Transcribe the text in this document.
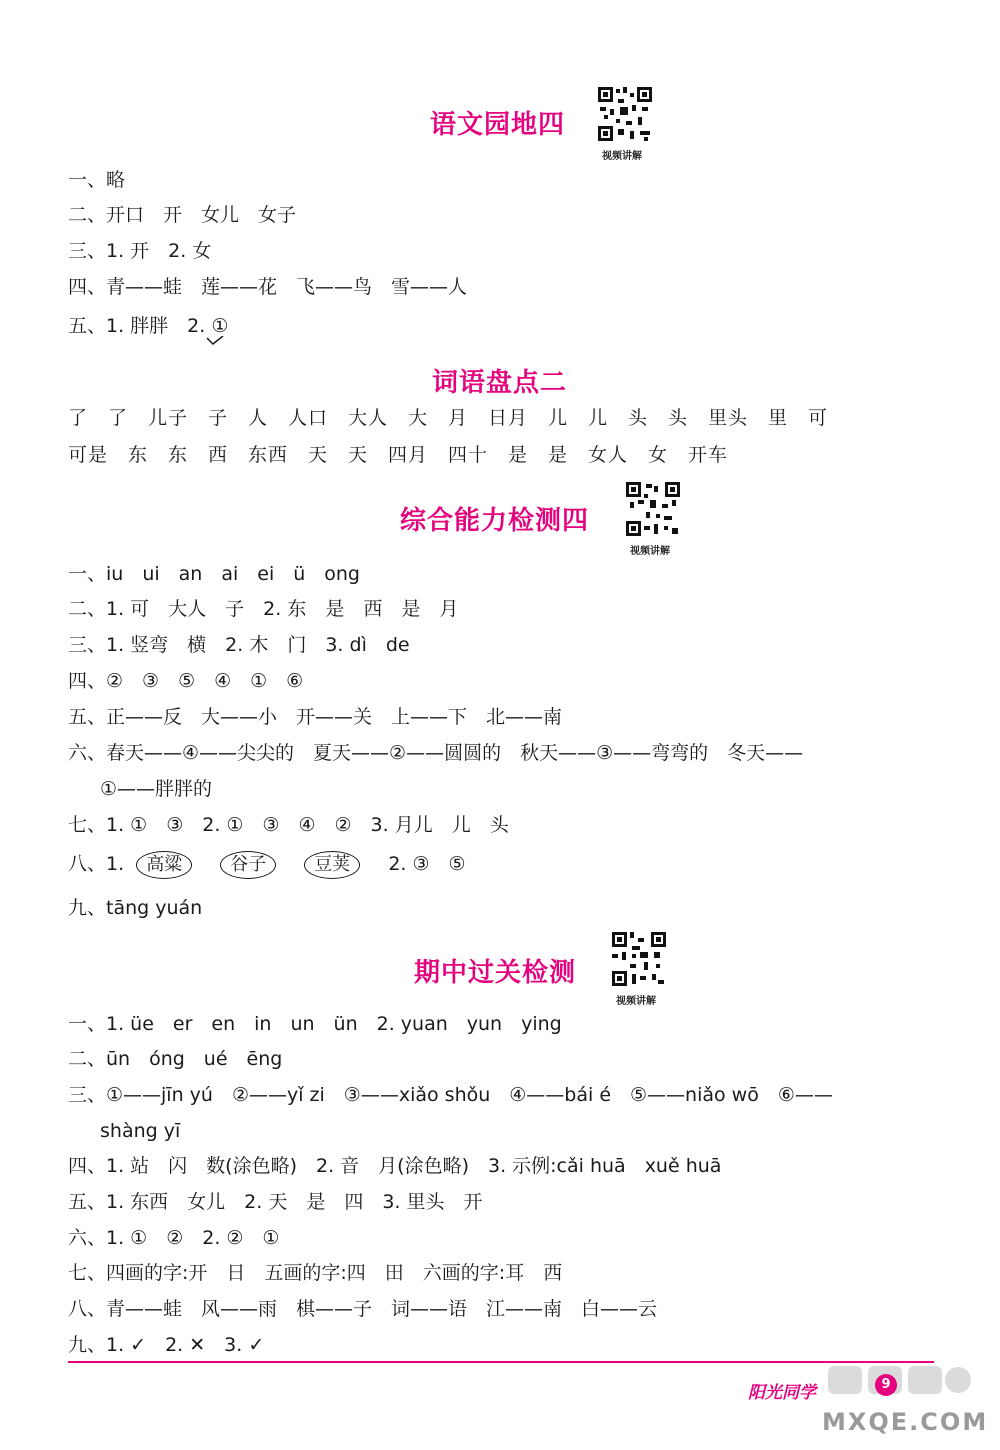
语文园地四
视频讲解
一、略
二、开口　开　女儿　女子
三、1. 开　2. 女
四、青——蛙　莲——花　飞——鸟　雪——人
五、1. 胖胖　2. ①
词语盘点二
了　了　儿子　子　人　人口　大人　大　月　日月　儿　儿　头　头　里头　里　可
可是　东　东　西　东西　天　天　四月　四十　是　是　女人　女　开车
综合能力检测四
视频讲解
一、iu　ui　an　ai　ei　ü　ong
二、1. 可　大人　子　2. 东　是　西　是　月
三、1. 竖弯　横　2. 木　门　3. dì　de
四、②　③　⑤　④　①　⑥
五、正——反　大——小　开——关　上——下　北——南
六、春天——④——尖尖的　夏天——②——圆圆的　秋天——③——弯弯的　冬天——
①——胖胖的
七、1. ①　③　2. ①　③　④　②　3. 月儿　儿　头
八、1. 高粱	谷子	豆荚 2. ③　⑤
九、tāng yuán
期中过关检测
视频讲解
一、1. üe　er　en　in　un　ün　2. yuan　yun　ying
二、ūn　óng　ué　ēng
三、①——jīn yú　②——yǐ zi　③——xiǎo shǒu　④——bái é　⑤——niǎo wō　⑥——
shàng yī
四、1. 站　闪　数(涂色略)　2. 音　月(涂色略)　3. 示例:cǎi huā　xuě huā
五、1. 东西　女儿　2. 天　是　四　3. 里头　开
六、1. ①　②　2. ②　①
七、四画的字:开　日　五画的字:四　田　六画的字:耳　西
八、青——蛙　风——雨　棋——子　词——语　江——南　白——云
九、1. ✓　2. ✕　3. ✓
阳光同学	9
MXQE.COM
